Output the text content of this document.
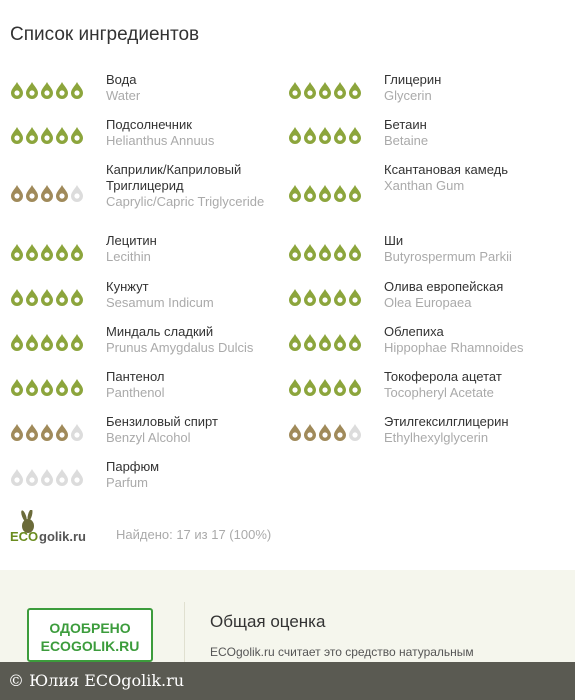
Список ингредиентов
Вода
Water
Глицерин
Glycerin
Подсолнечник
Helianthus Annuus
Бетаин
Betaine
Каприлик/Каприловый Триглицерид
Caprylic/Capric Triglyceride
Ксантановая камедь
Xanthan Gum
Лецитин
Lecithin
Ши
Butyrospermum Parkii
Кунжут
Sesamum Indicum
Олива европейская
Olea Europaea
Миндаль сладкий
Prunus Amygdalus Dulcis
Облепиха
Hippophae Rhamnoides
Пантенол
Panthenol
Токоферола ацетат
Tocopheryl Acetate
Бензиловый спирт
Benzyl Alcohol
Этилгексилглицерин
Ethylhexylglycerin
Парфюм
Parfum
ECO golik.ru Найдено: 17 из 17 (100%)
ОДОБРЕНО
ECOGOLIK.RU
Общая оценка
ECOgolik.ru считает это средство натуральным
© Юлия ECOgolik.ru
